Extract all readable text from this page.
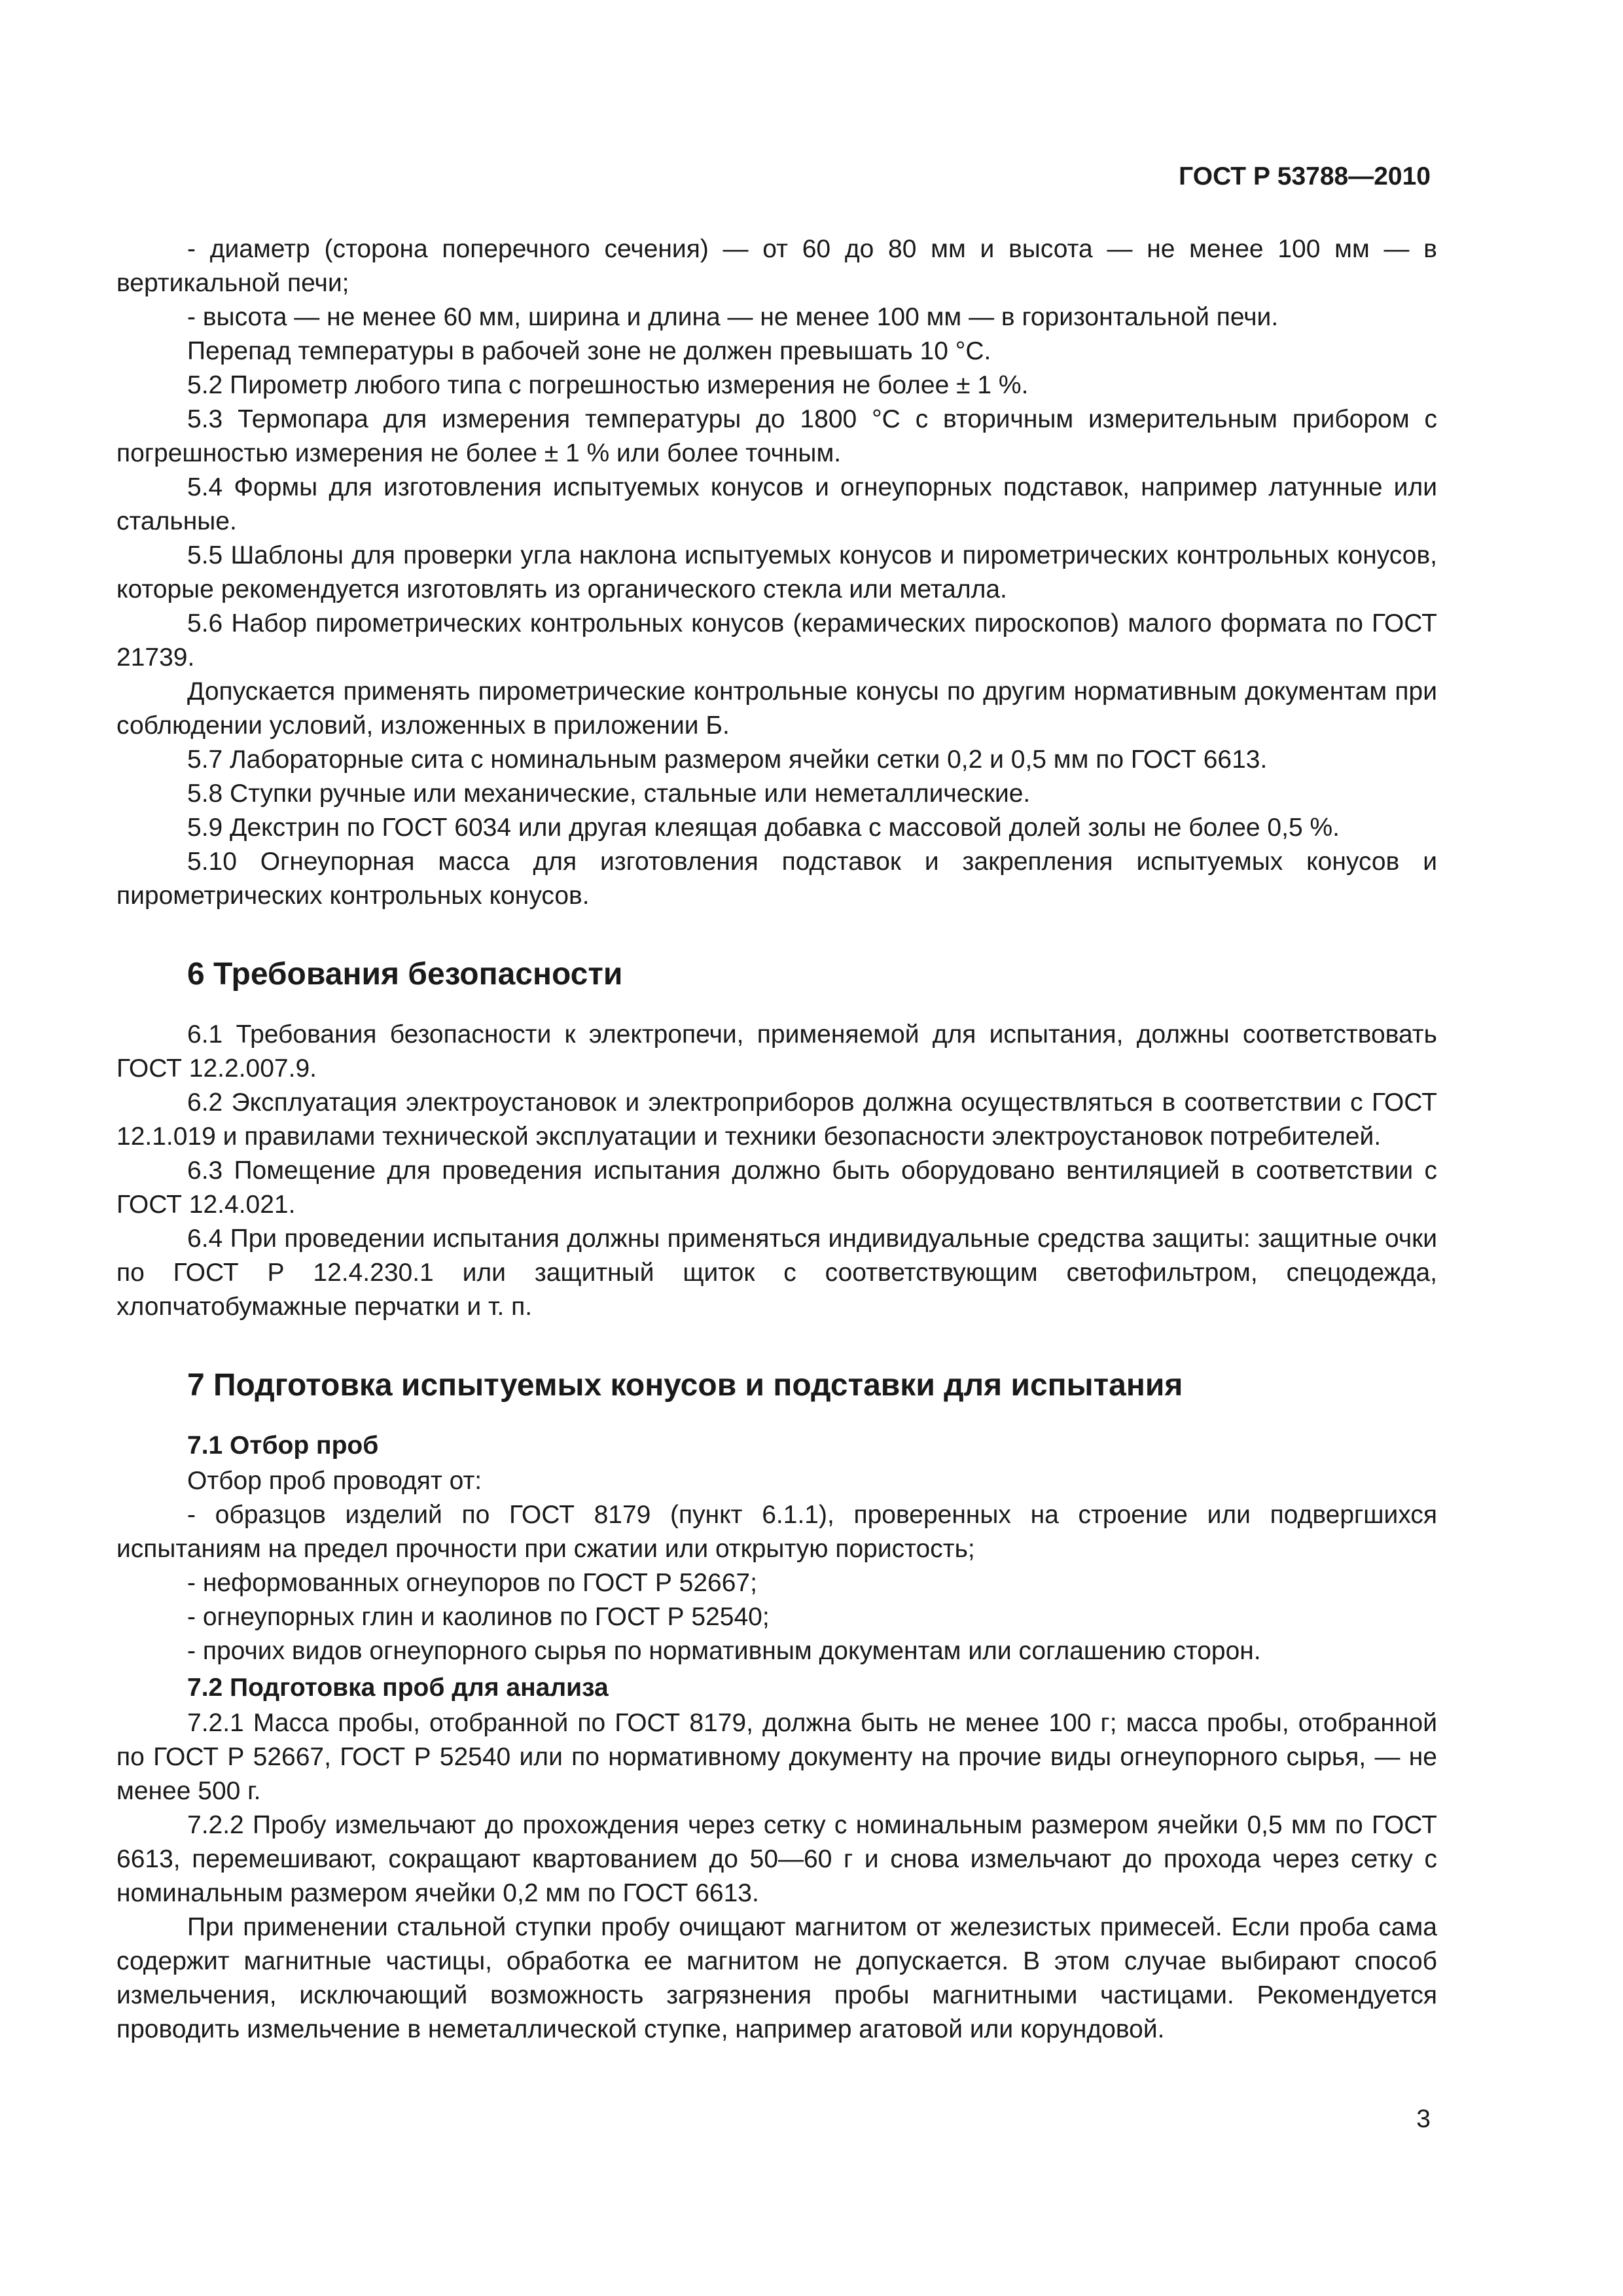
ГОСТ Р 53788—2010

- диаметр (сторона поперечного сечения) — от 60 до 80 мм и высота — не менее 100 мм — в вертикальной печи;

- высота — не менее 60 мм, ширина и длина — не менее 100 мм — в горизонтальной печи.

Перепад температуры в рабочей зоне не должен превышать 10 °С.

5.2 Пирометр любого типа с погрешностью измерения не более ± 1 %.

5.3 Термопара для измерения температуры до 1800 °С с вторичным измерительным прибором с погрешностью измерения не более ± 1 % или более точным.

5.4 Формы для изготовления испытуемых конусов и огнеупорных подставок, например латунные или стальные.

5.5 Шаблоны для проверки угла наклона испытуемых конусов и пирометрических контрольных конусов, которые рекомендуется изготовлять из органического стекла или металла.

5.6 Набор пирометрических контрольных конусов (керамических пироскопов) малого формата по ГОСТ 21739.

Допускается применять пирометрические контрольные конусы по другим нормативным документам при соблюдении условий, изложенных в приложении Б.

5.7 Лабораторные сита с номинальным размером ячейки сетки 0,2 и 0,5 мм по ГОСТ 6613.

5.8 Ступки ручные или механические, стальные или неметаллические.

5.9 Декстрин по ГОСТ 6034 или другая клеящая добавка с массовой долей золы не более 0,5 %.

5.10 Огнеупорная масса для изготовления подставок и закрепления испытуемых конусов и пирометрических контрольных конусов.

6 Требования безопасности

6.1 Требования безопасности к электропечи, применяемой для испытания, должны соответствовать ГОСТ 12.2.007.9.

6.2 Эксплуатация электроустановок и электроприборов должна осуществляться в соответствии с ГОСТ 12.1.019 и правилами технической эксплуатации и техники безопасности электроустановок потребителей.

6.3 Помещение для проведения испытания должно быть оборудовано вентиляцией в соответствии с ГОСТ 12.4.021.

6.4 При проведении испытания должны применяться индивидуальные средства защиты: защитные очки по ГОСТ Р 12.4.230.1 или защитный щиток с соответствующим светофильтром, спецодежда, хлопчатобумажные перчатки и т. п.

7 Подготовка испытуемых конусов и подставки для испытания
7.1 Отбор проб

Отбор проб проводят от:

- образцов изделий по ГОСТ 8179 (пункт 6.1.1), проверенных на строение или подвергшихся испытаниям на предел прочности при сжатии или открытую пористость;

- неформованных огнеупоров по ГОСТ Р 52667;

- огнеупорных глин и каолинов по ГОСТ Р 52540;

- прочих видов огнеупорного сырья по нормативным документам или соглашению сторон.

7.2 Подготовка проб для анализа

7.2.1 Масса пробы, отобранной по ГОСТ 8179, должна быть не менее 100 г; масса пробы, отобранной по ГОСТ Р 52667, ГОСТ Р 52540 или по нормативному документу на прочие виды огнеупорного сырья, — не менее 500 г.

7.2.2 Пробу измельчают до прохождения через сетку с номинальным размером ячейки 0,5 мм по ГОСТ 6613, перемешивают, сокращают квартованием до 50—60 г и снова измельчают до прохода через сетку с номинальным размером ячейки 0,2 мм по ГОСТ 6613.

При применении стальной ступки пробу очищают магнитом от железистых примесей. Если проба сама содержит магнитные частицы, обработка ее магнитом не допускается. В этом случае выбирают способ измельчения, исключающий возможность загрязнения пробы магнитными частицами. Рекомендуется проводить измельчение в неметаллической ступке, например агатовой или корундовой.

3
